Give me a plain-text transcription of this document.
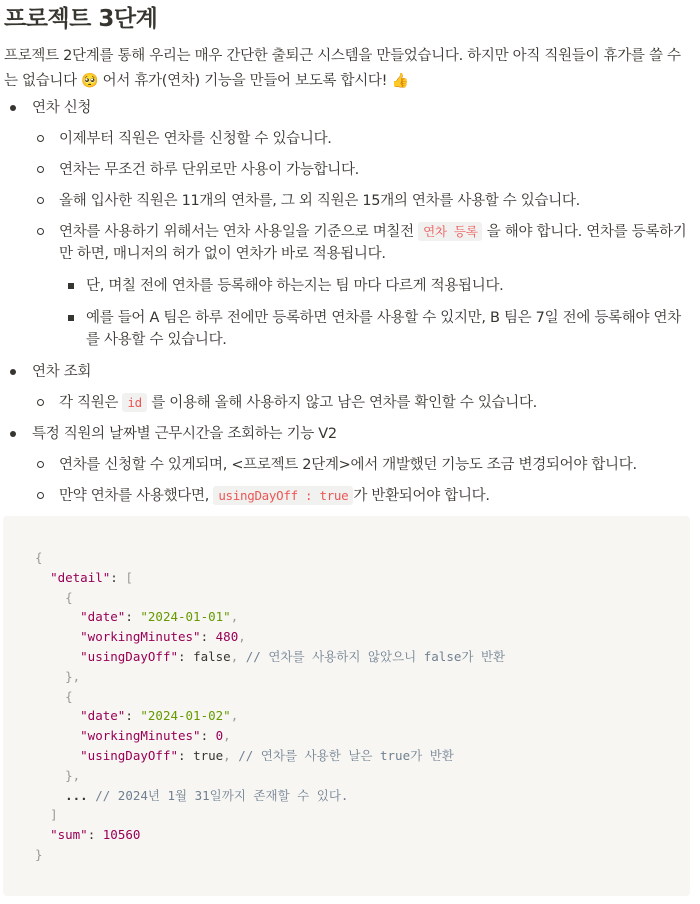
프로젝트 3단계
프로젝트 2단계를 통해 우리는 매우 간단한 출퇴근 시스템을 만들었습니다. 하지만 아직 직원들이 휴가를 쓸 수는 없습니다 🥺 어서 휴가(연차) 기능을 만들어 보도록 합시다! 👍
연차 신청
이제부터 직원은 연차를 신청할 수 있습니다.
연차는 무조건 하루 단위로만 사용이 가능합니다.
올해 입사한 직원은 11개의 연차를, 그 외 직원은 15개의 연차를 사용할 수 있습니다.
연차를 사용하기 위해서는 연차 사용일을 기준으로 며칠전 연차 등록 을 해야 합니다. 연차를 등록하기만 하면, 매니저의 허가 없이 연차가 바로 적용됩니다.
단, 며칠 전에 연차를 등록해야 하는지는 팀 마다 다르게 적용됩니다.
예를 들어 A 팀은 하루 전에만 등록하면 연차를 사용할 수 있지만, B 팀은 7일 전에 등록해야 연차를 사용할 수 있습니다.
연차 조회
각 직원은 id 를 이용해 올해 사용하지 않고 남은 연차를 확인할 수 있습니다.
특정 직원의 날짜별 근무시간을 조회하는 기능 V2
연차를 신청할 수 있게되며, <프로젝트 2단계>에서 개발했던 기능도 조금 변경되어야 합니다.
만약 연차를 사용했다면, usingDayOff : true 가 반환되어야 합니다.
{
"detail": [
{
"date": "2024-01-01",
"workingMinutes": 480,
"usingDayOff": false, // 연차를 사용하지 않았으니 false가 반환
},
{
"date": "2024-01-02",
"workingMinutes": 0,
"usingDayOff": true, // 연차를 사용한 날은 true가 반환
},
... // 2024년 1월 31일까지 존재할 수 있다.
]
"sum": 10560
}
